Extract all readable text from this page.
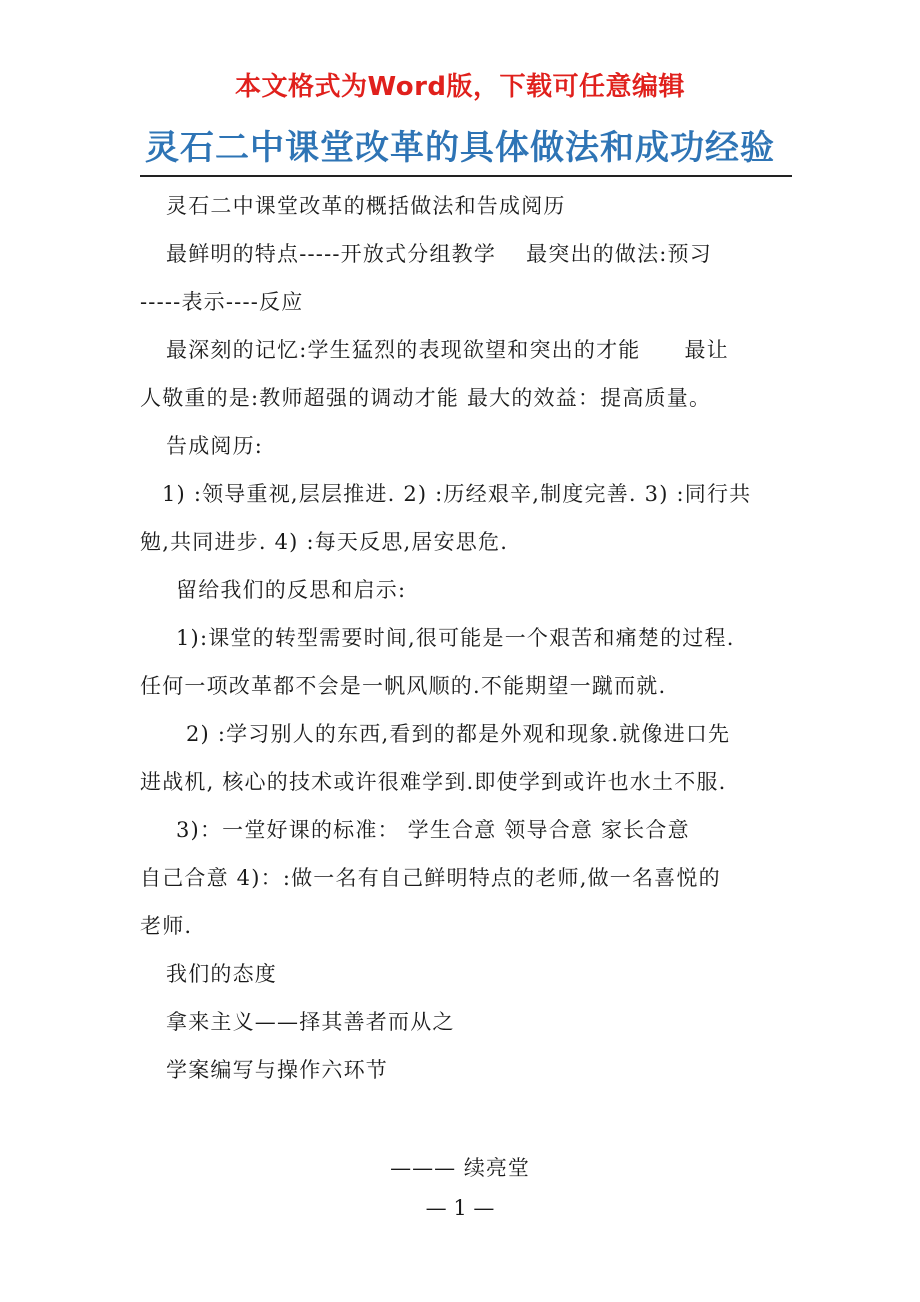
本文格式为Word版，下载可任意编辑
灵石二中课堂改革的具体做法和成功经验

灵石二中课堂改革的概括做法和告成阅历

最鲜明的特点-----开放式分组教学 最突出的做法:预习

-----表示----反应

最深刻的记忆:学生猛烈的表现欲望和突出的才能 最让

人敬重的是:教师超强的调动才能 最大的效益：提高质量。

告成阅历:

1) :领导重视,层层推进. 2) :历经艰辛,制度完善. 3) :同行共

勉,共同进步. 4) :每天反思,居安思危.

留给我们的反思和启示:

1):课堂的转型需要时间,很可能是一个艰苦和痛楚的过程.

任何一项改革都不会是一帆风顺的.不能期望一蹴而就.

2) :学习别人的东西,看到的都是外观和现象.就像进口先

进战机, 核心的技术或许很难学到.即使学到或许也水土不服.

3)：一堂好课的标准： 学生合意 领导合意 家长合意

自己合意 4)：:做一名有自己鲜明特点的老师,做一名喜悦的

老师.

我们的态度

拿来主义——择其善者而从之

学案编写与操作六环节

——— 续亮堂
— 1 —
